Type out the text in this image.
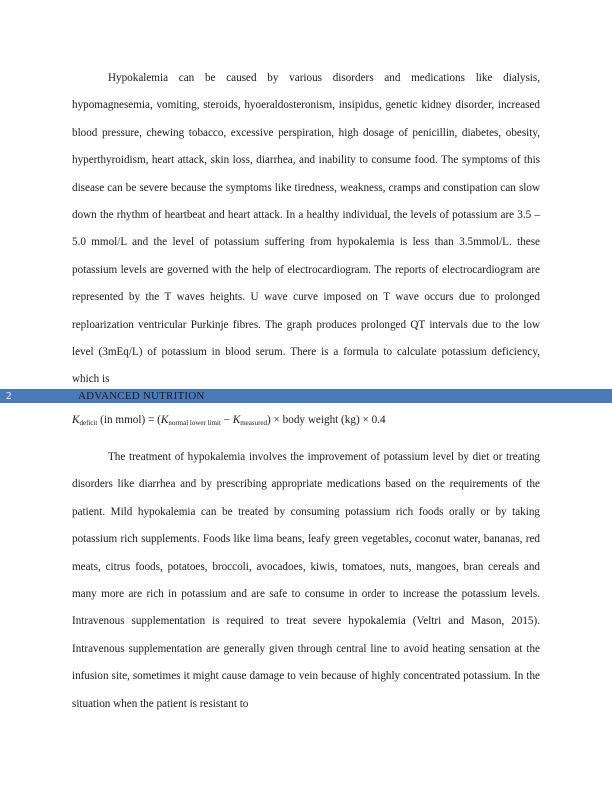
Hypokalemia can be caused by various disorders and medications like dialysis, hypomagnesemia, vomiting, steroids, hyoeraldosteronism, insipidus, genetic kidney disorder, increased blood pressure, chewing tobacco, excessive perspiration, high dosage of penicillin, diabetes, obesity, hyperthyroidism, heart attack, skin loss, diarrhea, and inability to consume food. The symptoms of this disease can be severe because the symptoms like tiredness, weakness, cramps and constipation can slow down the rhythm of heartbeat and heart attack. In a healthy individual, the levels of potassium are 3.5 – 5.0 mmol/L and the level of potassium suffering from hypokalemia is less than 3.5mmol/L. these potassium levels are governed with the help of electrocardiogram. The reports of electrocardiogram are represented by the T waves heights. U wave curve imposed on T wave occurs due to prolonged reploarization ventricular Purkinje fibres. The graph produces prolonged QT intervals due to the low level (3mEq/L) of potassium in blood serum. There is a formula to calculate potassium deficiency, which is

2	ADVANCED NUTRITION
$K_{deficit}$ (in mmol) = $(K_{normal lower limit} - K_{measured})$ × body weight (kg) × 0.4

The treatment of hypokalemia involves the improvement of potassium level by diet or treating disorders like diarrhea and by prescribing appropriate medications based on the requirements of the patient. Mild hypokalemia can be treated by consuming potassium rich foods orally or by taking potassium rich supplements. Foods like lima beans, leafy green vegetables, coconut water, bananas, red meats, citrus foods, potatoes, broccoli, avocadoes, kiwis, tomatoes, nuts, mangoes, bran cereals and many more are rich in potassium and are safe to consume in order to increase the potassium levels. Intravenous supplementation is required to treat severe hypokalemia (Veltri and Mason, 2015). Intravenous supplementation are generally given through central line to avoid heating sensation at the infusion site, sometimes it might cause damage to vein because of highly concentrated potassium. In the situation when the patient is resistant to
